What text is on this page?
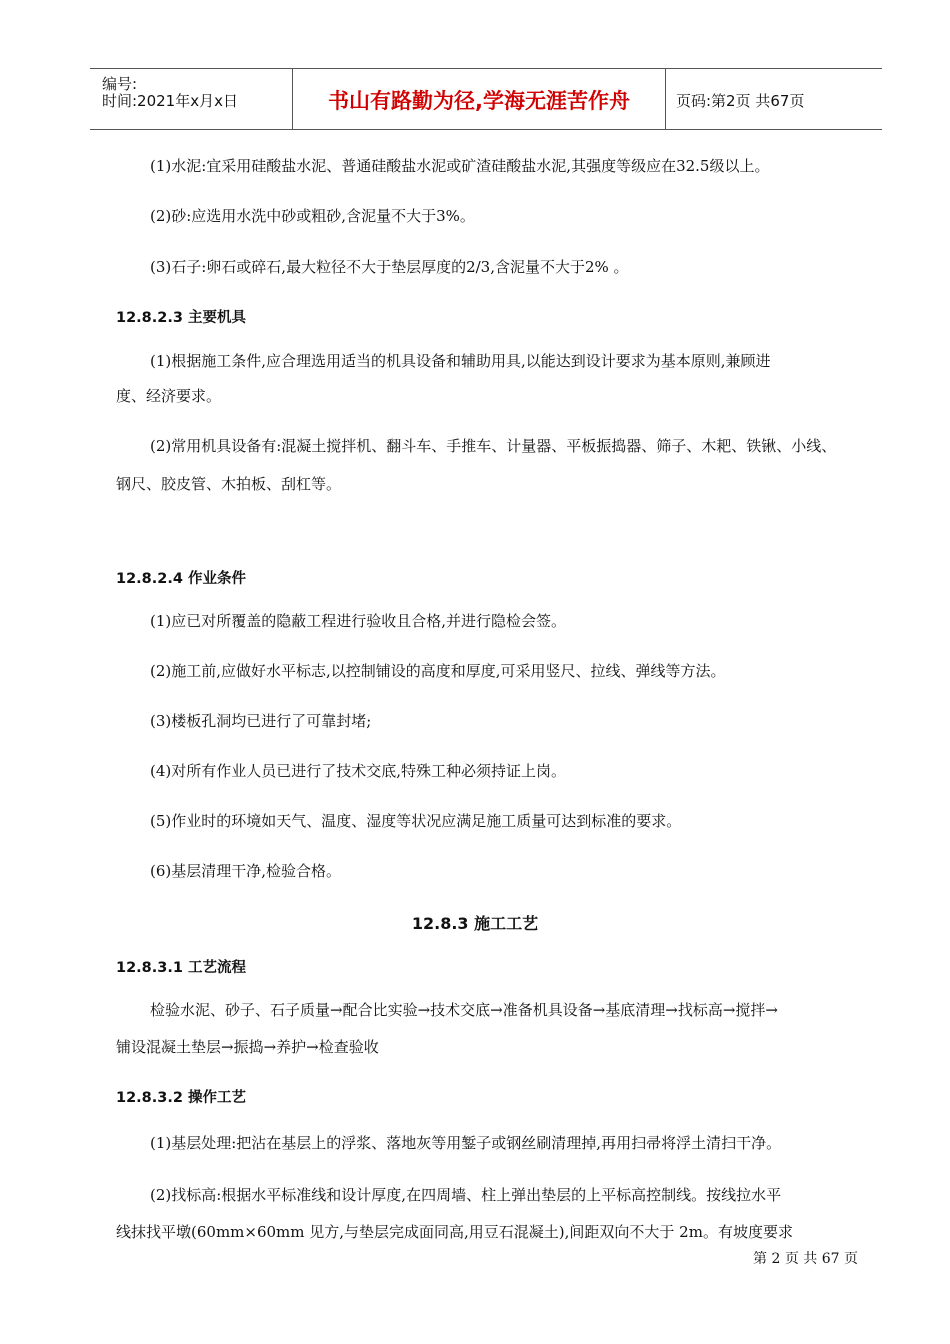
编号:
时间:2021年x月x日	书山有路勤为径,学海无涯苦作舟	页码:第2页 共67页
(1)水泥:宜采用硅酸盐水泥、普通硅酸盐水泥或矿渣硅酸盐水泥,其强度等级应在32.5级以上。
(2)砂:应选用水洗中砂或粗砂,含泥量不大于3%。
(3)石子:卵石或碎石,最大粒径不大于垫层厚度的2/3,含泥量不大于2% 。
12.8.2.3 主要机具
(1)根据施工条件,应合理选用适当的机具设备和辅助用具,以能达到设计要求为基本原则,兼顾进
度、经济要求。
(2)常用机具设备有:混凝土搅拌机、翻斗车、手推车、计量器、平板振捣器、筛子、木耙、铁锹、小线、
钢尺、胶皮管、木拍板、刮杠等。
12.8.2.4 作业条件
(1)应已对所覆盖的隐蔽工程进行验收且合格,并进行隐检会签。
(2)施工前,应做好水平标志,以控制铺设的高度和厚度,可采用竖尺、拉线、弹线等方法。
(3)楼板孔洞均已进行了可靠封堵;
(4)对所有作业人员已进行了技术交底,特殊工种必须持证上岗。
(5)作业时的环境如天气、温度、湿度等状况应满足施工质量可达到标准的要求。
(6)基层清理干净,检验合格。
12.8.3 施工工艺
12.8.3.1 工艺流程
检验水泥、砂子、石子质量→配合比实验→技术交底→准备机具设备→基底清理→找标高→搅拌→
铺设混凝土垫层→振捣→养护→检查验收
12.8.3.2 操作工艺
(1)基层处理:把沾在基层上的浮浆、落地灰等用錾子或钢丝刷清理掉,再用扫帚将浮土清扫干净。
(2)找标高:根据水平标准线和设计厚度,在四周墙、柱上弹出垫层的上平标高控制线。按线拉水平
线抹找平墩(60mm×60mm 见方,与垫层完成面同高,用豆石混凝土),间距双向不大于 2m。有坡度要求
第 2 页 共 67 页
